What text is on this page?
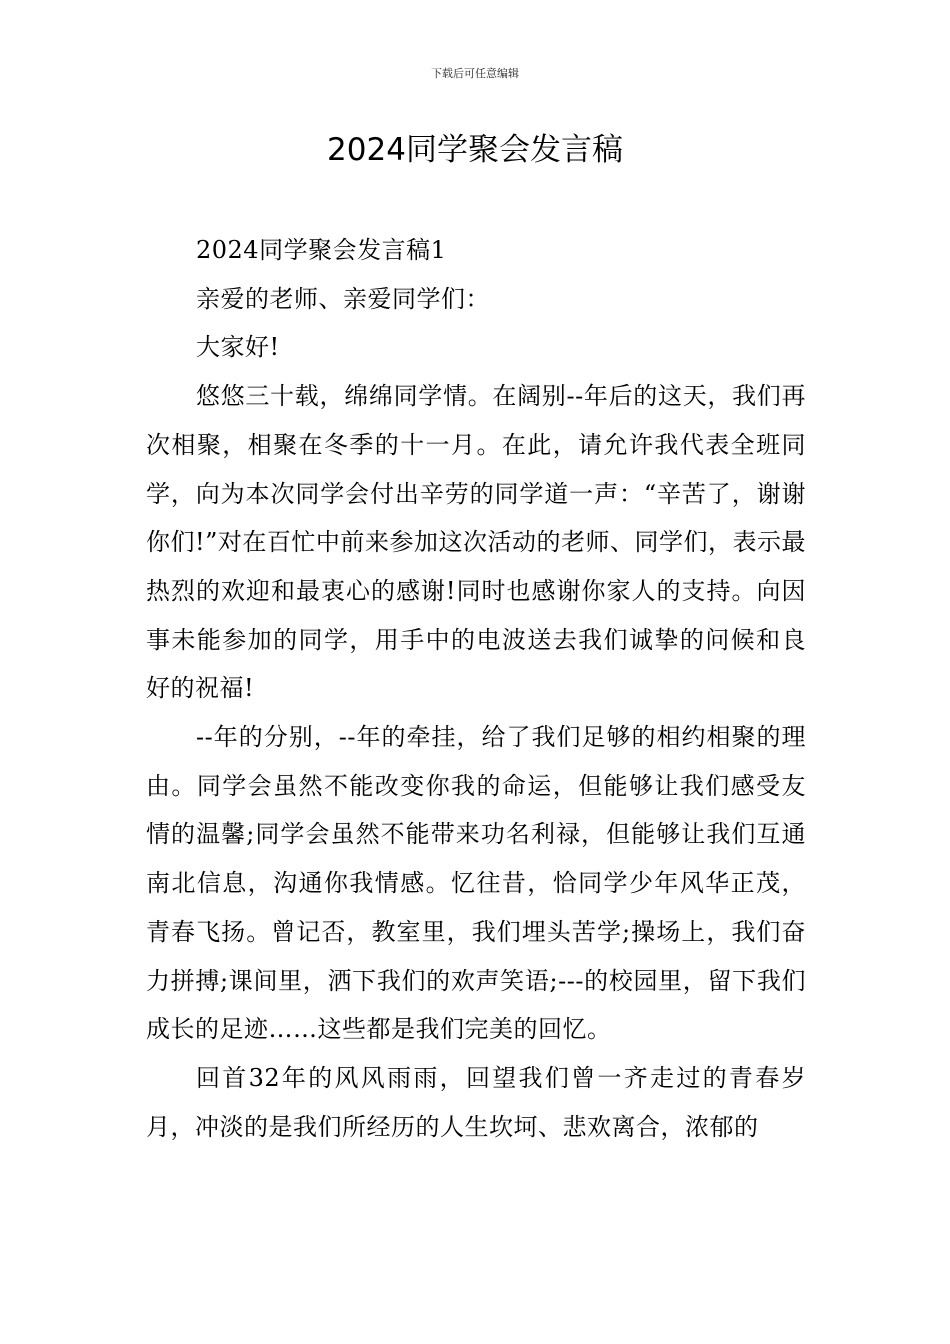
下载后可任意编辑
2024同学聚会发言稿

2024同学聚会发言稿1

亲爱的老师、亲爱同学们：

大家好!

悠悠三十载，绵绵同学情。在阔别--年后的这天，我们再次相聚，相聚在冬季的十一月。在此，请允许我代表全班同学，向为本次同学会付出辛劳的同学道一声：“辛苦了，谢谢你们!”对在百忙中前来参加这次活动的老师、同学们，表示最热烈的欢迎和最衷心的感谢!同时也感谢你家人的支持。向因事未能参加的同学，用手中的电波送去我们诚挚的问候和良好的祝福!

--年的分别，--年的牵挂，给了我们足够的相约相聚的理由。同学会虽然不能改变你我的命运，但能够让我们感受友情的温馨;同学会虽然不能带来功名利禄，但能够让我们互通南北信息，沟通你我情感。忆往昔，恰同学少年风华正茂，青春飞扬。曾记否，教室里，我们埋头苦学;操场上，我们奋力拼搏;课间里，洒下我们的欢声笑语;---的校园里，留下我们成长的足迹……这些都是我们完美的回忆。

回首32年的风风雨雨，回望我们曾一齐走过的青春岁月，冲淡的是我们所经历的人生坎坷、悲欢离合，浓郁的
